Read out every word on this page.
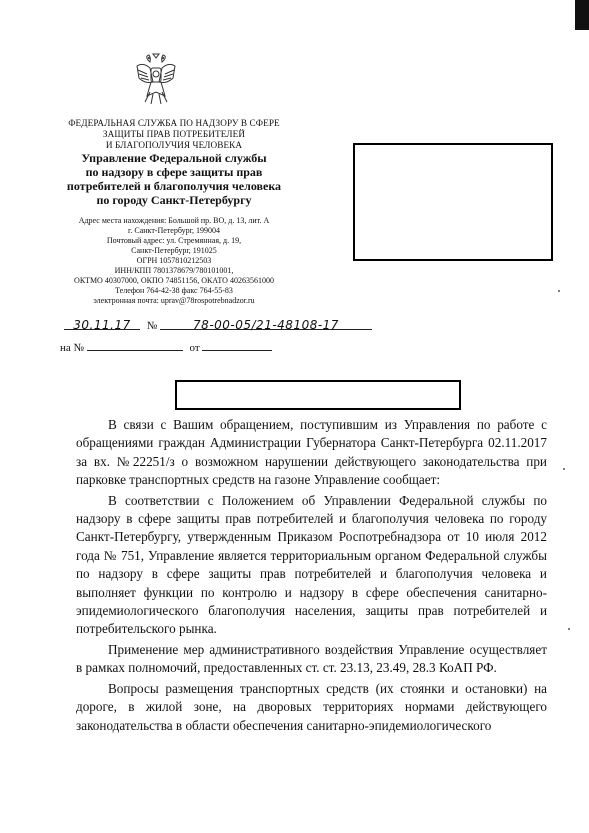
ФЕДЕРАЛЬНАЯ СЛУЖБА ПО НАДЗОРУ В СФЕРЕ
ЗАЩИТЫ ПРАВ ПОТРЕБИТЕЛЕЙ
И БЛАГОПОЛУЧИЯ ЧЕЛОВЕКА
Управление Федеральной службы
по надзору в сфере защиты прав
потребителей и благополучия человека
по городу Санкт-Петербургу
Адрес места нахождения: Большой пр. ВО, д. 13, лит. А
г. Санкт-Петербург, 199004
Почтовый адрес: ул. Стремянная, д. 19,
Санкт-Петербург, 191025
ОГРН 1057810212503
ИНН/КПП 7801378679/780101001,
ОКТМО 40307000, ОКПО 74851156, ОКАТО 40263561000
Телефон 764-42-38 факс 764-55-83
электронная почта: uprav@78rospotrebnadzor.ru
30.11.17 №	78-00-05/21-48108-17
на №	от

В связи с Вашим обращением, поступившим из Управления по работе с обращениями граждан Администрации Губернатора Санкт-Петербурга 02.11.2017 за вх. №22251/з о возможном нарушении действующего законодательства при парковке транспортных средств на газоне Управление сообщает:

В соответствии с Положением об Управлении Федеральной службы по надзору в сфере защиты прав потребителей и благополучия человека по городу Санкт-Петербургу, утвержденным Приказом Роспотребнадзора от 10 июля 2012 года № 751, Управление является территориальным органом Федеральной службы по надзору в сфере защиты прав потребителей и благополучия человека и выполняет функции по контролю и надзору в сфере обеспечения санитарно-эпидемиологического благополучия населения, защиты прав потребителей и потребительского рынка.

Применение мер административного воздействия Управление осуществляет в рамках полномочий, предоставленных ст. ст. 23.13, 23.49, 28.3 КоАП РФ.

Вопросы размещения транспортных средств (их стоянки и остановки) на дороге, в жилой зоне, на дворовых территориях нормами действующего законодательства в области обеспечения санитарно-эпидемиологического
